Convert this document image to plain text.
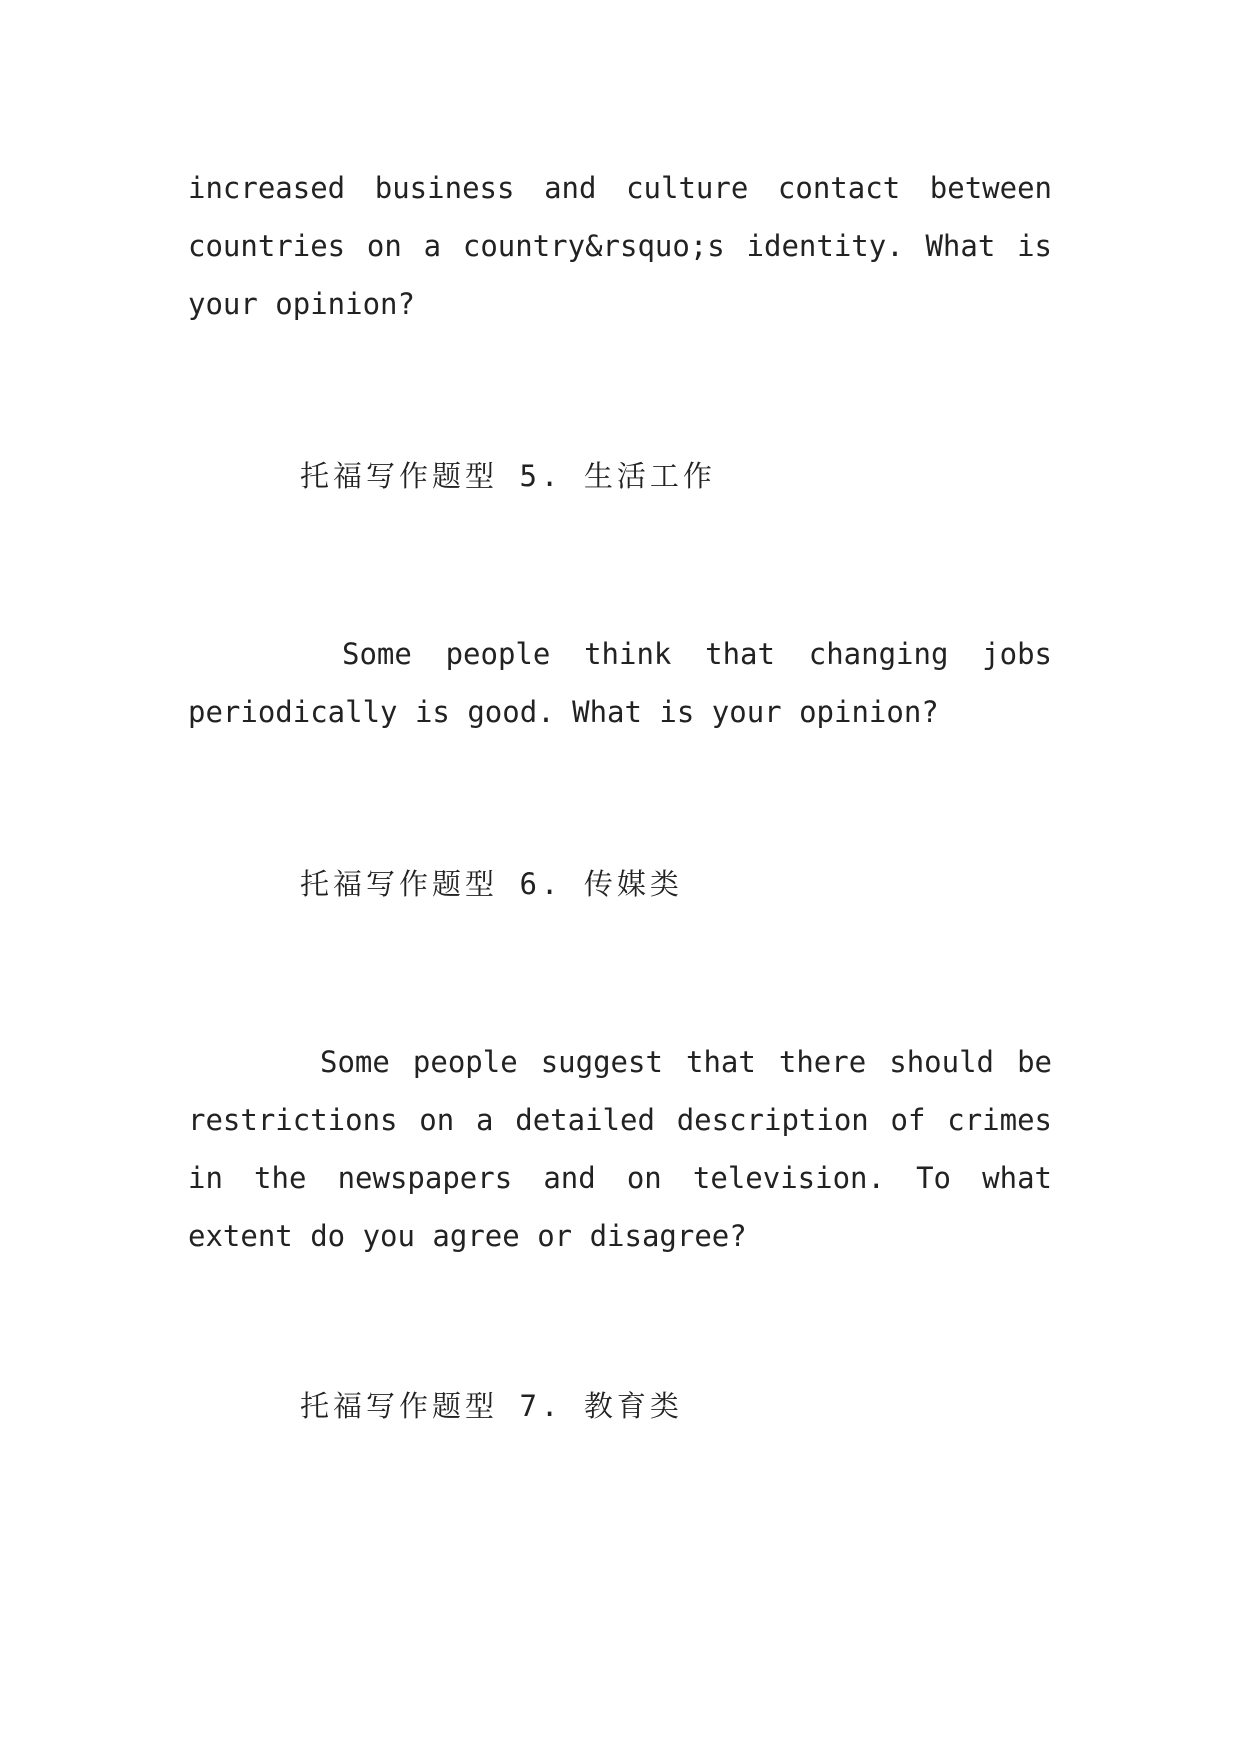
increased business and culture contact between countries on a country&rsquo;s identity. What is your opinion?

托福写作题型 5. 生活工作

Some people think that changing jobs periodically is good. What is your opinion?

托福写作题型 6. 传媒类

Some people suggest that there should be restrictions on a detailed description of crimes in the newspapers and on television. To what extent do you agree or disagree?

托福写作题型 7. 教育类
